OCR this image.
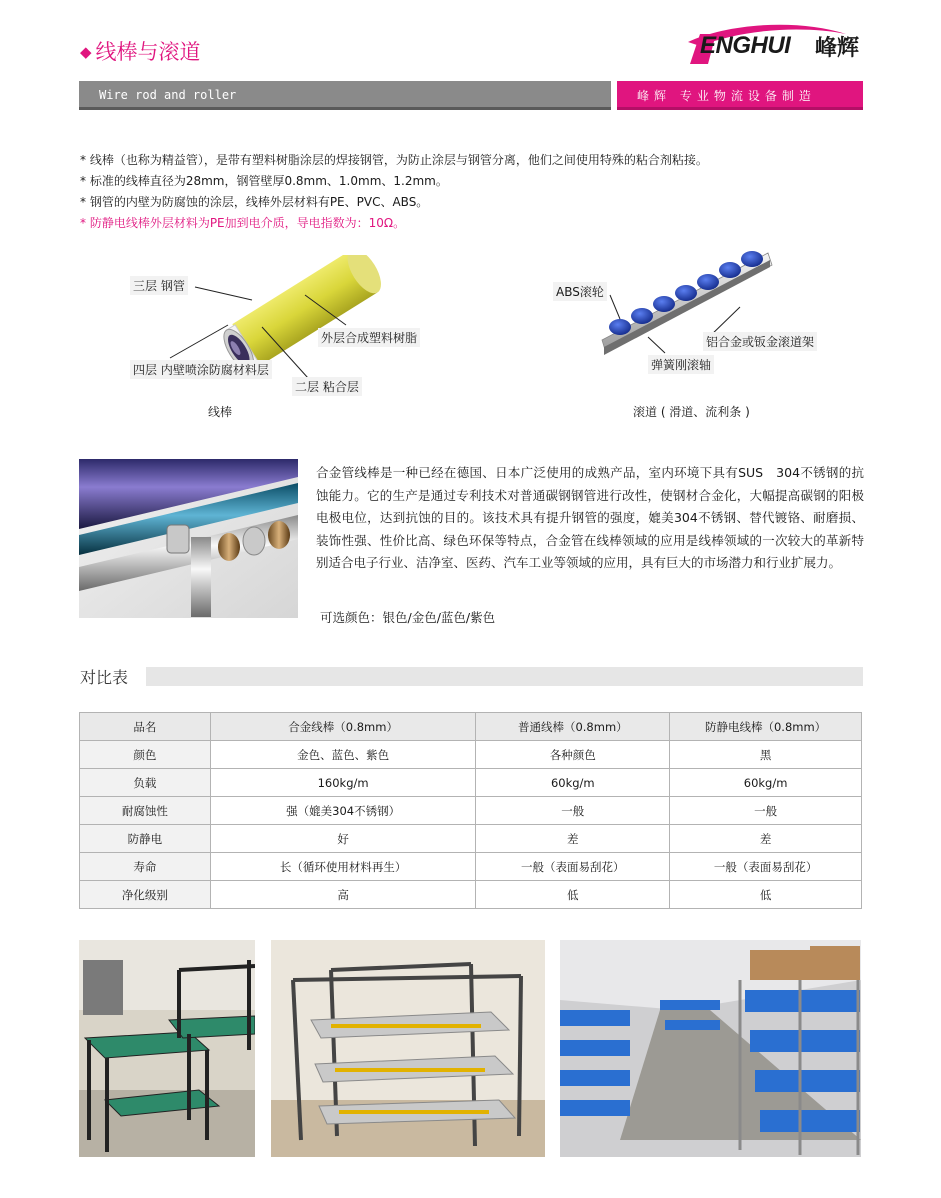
◆ 线棒与滚道	ENGHUI 峰辉
Wire rod and roller	峰辉 专业物流设备制造

* 线棒（也称为精益管），是带有塑料树脂涂层的焊接钢管，为防止涂层与钢管分离，他们之间使用特殊的粘合剂粘接。

* 标准的线棒直径为28mm，钢管壁厚0.8mm、1.0mm、1.2mm。

* 钢管的内壁为防腐蚀的涂层，线棒外层材料有PE、PVC、ABS。

* 防静电线棒外层材料为PE加到电介质，导电指数为：10Ω。

三层 钢管
外层合成塑料树脂
四层 内壁喷涂防腐材料层
二层 粘合层
线棒
ABS滚轮
铝合金或钣金滚道架
弹簧刚滚轴
滚道 ( 滑道、流利条 )

合金管线棒是一种已经在德国、日本广泛使用的成熟产品，室内环境下具有SUS　304不锈钢的抗蚀能力。它的生产是通过专利技术对普通碳钢钢管进行改性，使钢材合金化，大幅提高碳钢的阳极电极电位，达到抗蚀的目的。该技术具有提升钢管的强度，媲美304不锈钢、替代镀铬、耐磨损、装饰性强、性价比高、绿色环保等特点，合金管在线棒领域的应用是线棒领域的一次较大的革新特别适合电子行业、洁净室、医药、汽车工业等领域的应用，具有巨大的市场潜力和行业扩展力。

可选颜色：银色/金色/蓝色/紫色
对比表
品名	合金线棒（0.8mm）	普通线棒（0.8mm）	防静电线棒（0.8mm）
颜色	金色、蓝色、紫色	各种颜色	黑
负载	160kg/m	60kg/m	60kg/m
耐腐蚀性	强（媲美304不锈钢）	一般	一般
防静电	好	差	差
寿命	长（循环使用材料再生）	一般（表面易刮花）	一般（表面易刮花）
净化级别	高	低	低
